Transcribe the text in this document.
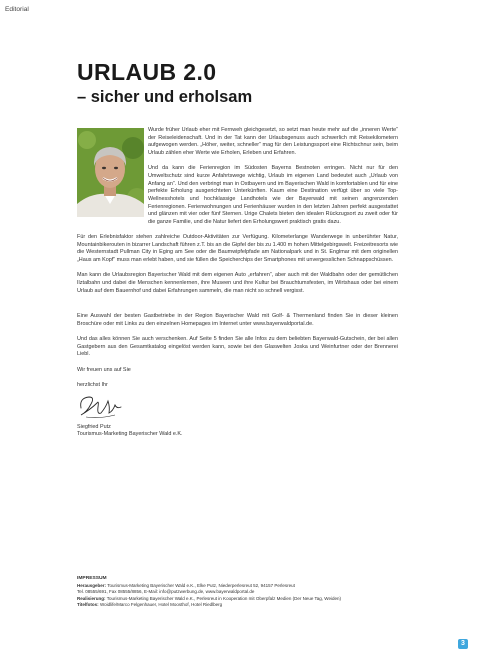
Editorial
URLAUB 2.0
– sicher und erholsam

Wurde früher Urlaub eher mit Fernweh gleichgesetzt, so setzt man heute mehr auf die „inneren Werte“ der Reiseleidenschaft. Und in der Tat kann der Urlaubsgenuss auch schwerlich mit Reisekilometern aufgewogen werden. „Höher, weiter, schneller“ mag für den Leistungssport eine Richtschnur sein, beim Urlaub zählen eher Werte wie Erholen, Erleben und Erfahren.

Und da kann die Ferienregion im Südosten Bayerns Bestnoten erringen. Nicht nur für den Umweltschutz sind kurze Anfahrtswege wichtig, Urlaub im eigenen Land bedeutet auch „Urlaub von Anfang an“. Und den verbringt man in Ostbayern und im Bayerischen Wald in komfortablen und für eine perfekte Erholung ausgerichteten Unterkünften. Kaum eine Destination verfügt über so viele Top-Wellnesshotels und hochklassige Landhotels wie der Bayerwald mit seinen angrenzenden Ferienregionen. Ferienwohnungen und Ferienhäuser wurden in den letzten Jahren perfekt ausgestattet und glänzen mit vier oder fünf Sternen. Urige Chalets bieten den idealen Rückzugsort zu zweit oder für die ganze Familie, und die Natur liefert den Erholungswert praktisch gratis dazu.

Für den Erlebnisfaktor stehen zahlreiche Outdoor-Aktivitäten zur Verfügung. Kilometerlange Wanderwege in unberührter Natur, Mountainbikerouten in bizarrer Landschaft führen z.T. bis an die Gipfel der bis zu 1.400 m hohen Mittelgebirgswelt. Freizeitresorts wie die Westernstadt Pullman City in Eging am See oder die Baumwipfelpfade am Nationalpark und in St. Englmar mit dem originellen „Haus am Kopf“ muss man erlebt haben, und sie füllen die Speicherchips der Smartphones mit unvergesslichen Schnappschüssen.

Man kann die Urlaubsregion Bayerischer Wald mit dem eigenen Auto „erfahren“, aber auch mit der Waldbahn oder der gemütlichen Ilztalbahn und dabei die Menschen kennenlernen, ihre Museen und ihre Kultur bei Brauchtumsfesten, im Wirtshaus oder bei einem Urlaub auf dem Bauernhof und dabei Erfahrungen sammeln, die man nicht so schnell vergisst.

Eine Auswahl der besten Gastbetriebe in der Region Bayerischer Wald mit Golf- & Thermenland finden Sie in dieser kleinen Broschüre oder mit Links zu den einzelnen Homepages im Internet unter www.bayerwaldportal.de.

Und das alles können Sie auch verschenken. Auf Seite 5 finden Sie alle Infos zu dem beliebten Bayerwald-Gutschein, der bei allen Gastgebern aus den Gesamtkatalog eingelöst werden kann, sowie bei den Glaswelten Joska und Weinfurtner oder der Brennerei Liebl.

Wir freuen uns auf Sie

herzlichst Ihr

Siegfried Putz

Tourismus-Marketing Bayerischer Wald e.K.

IMPRESSUM

Herausgeber: Tourismus-Marketing Bayerischer Wald e.K., Elke Putz, Niederperlesreut 52, 94157 Perlesreut

Tel. 08555/691, Fax 08555/8856, E-Mail: info@putzwerbung.de, www.bayerwaldportal.de

Realisierung: Tourismus-Marketing Bayerischer Wald e.K., Perlesreut in Kooperation mit Oberpfalz Medien (Der Neue Tag, Weiden)

Titelfotos: Woidlife/Marco Felgenhauer, Hotel Moosthof, Hotel Riedlberg

3
